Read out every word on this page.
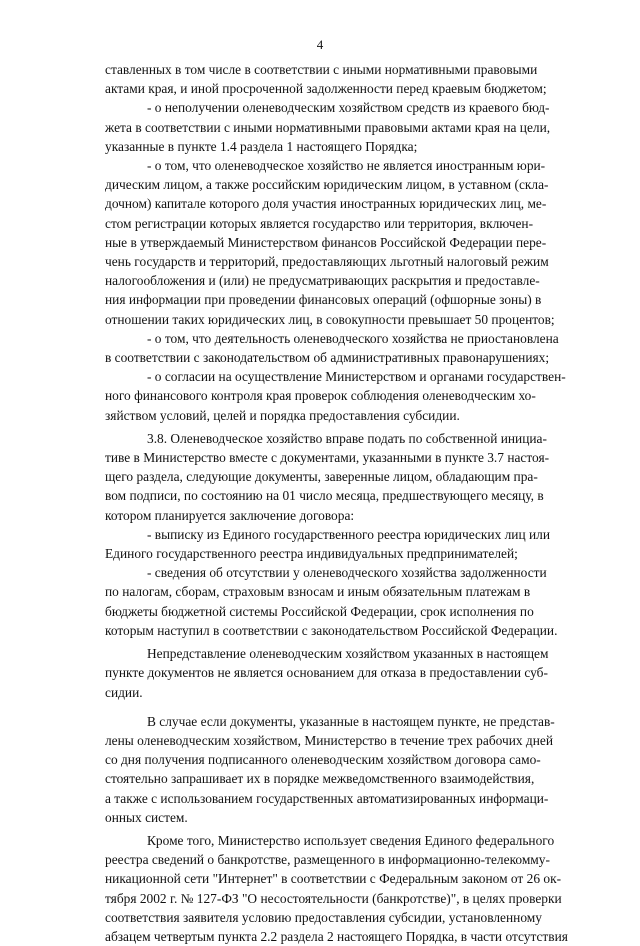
4
ставленных в том числе в соответствии с иными нормативными правовыми
актами края, и иной просроченной задолженности перед краевым бюджетом;
- о неполучении оленеводческим хозяйством средств из краевого бюд-
жета в соответствии с иными нормативными правовыми актами края на цели,
указанные в пункте 1.4 раздела 1 настоящего Порядка;
- о том, что оленеводческое хозяйство не является иностранным юри-
дическим лицом, а также российским юридическим лицом, в уставном (скла-
дочном) капитале которого доля участия иностранных юридических лиц, ме-
стом регистрации которых является государство или территория, включен-
ные в утверждаемый Министерством финансов Российской Федерации пере-
чень государств и территорий, предоставляющих льготный налоговый режим
налогообложения и (или) не предусматривающих раскрытия и предоставле-
ния информации при проведении финансовых операций (офшорные зоны) в
отношении таких юридических лиц, в совокупности превышает 50 процентов;
- о том, что деятельность оленеводческого хозяйства не приостановлена
в соответствии с законодательством об административных правонарушениях;
- о согласии на осуществление Министерством и органами государствен-
ного финансового контроля края проверок соблюдения оленеводческим хо-
зяйством условий, целей и порядка предоставления субсидии.
3.8. Оленеводческое хозяйство вправе подать по собственной инициа-
тиве в Министерство вместе с документами, указанными в пункте 3.7 настоя-
щего раздела, следующие документы, заверенные лицом, обладающим пра-
вом подписи, по состоянию на 01 число месяца, предшествующего месяцу, в
котором планируется заключение договора:
- выписку из Единого государственного реестра юридических лиц или
Единого государственного реестра индивидуальных предпринимателей;
- сведения об отсутствии у оленеводческого хозяйства задолженности
по налогам, сборам, страховым взносам и иным обязательным платежам в
бюджеты бюджетной системы Российской Федерации, срок исполнения по
которым наступил в соответствии с законодательством Российской Федерации.
Непредставление оленеводческим хозяйством указанных в настоящем
пункте документов не является основанием для отказа в предоставлении суб-
сидии.
В случае если документы, указанные в настоящем пункте, не представ-
лены оленеводческим хозяйством, Министерство в течение трех рабочих дней
со дня получения подписанного оленеводческим хозяйством договора само-
стоятельно запрашивает их в порядке межведомственного взаимодействия,
а также с использованием государственных автоматизированных информаци-
онных систем.
Кроме того, Министерство использует сведения Единого федерального
реестра сведений о банкротстве, размещенного в информационно-телекомму-
никационной сети "Интернет" в соответствии с Федеральным законом от 26 ок-
тября 2002 г. № 127-ФЗ "О несостоятельности (банкротстве)", в целях проверки
соответствия заявителя условию предоставления субсидии, установленному
абзацем четвертым пункта 2.2 раздела 2 настоящего Порядка, в части отсутствия
